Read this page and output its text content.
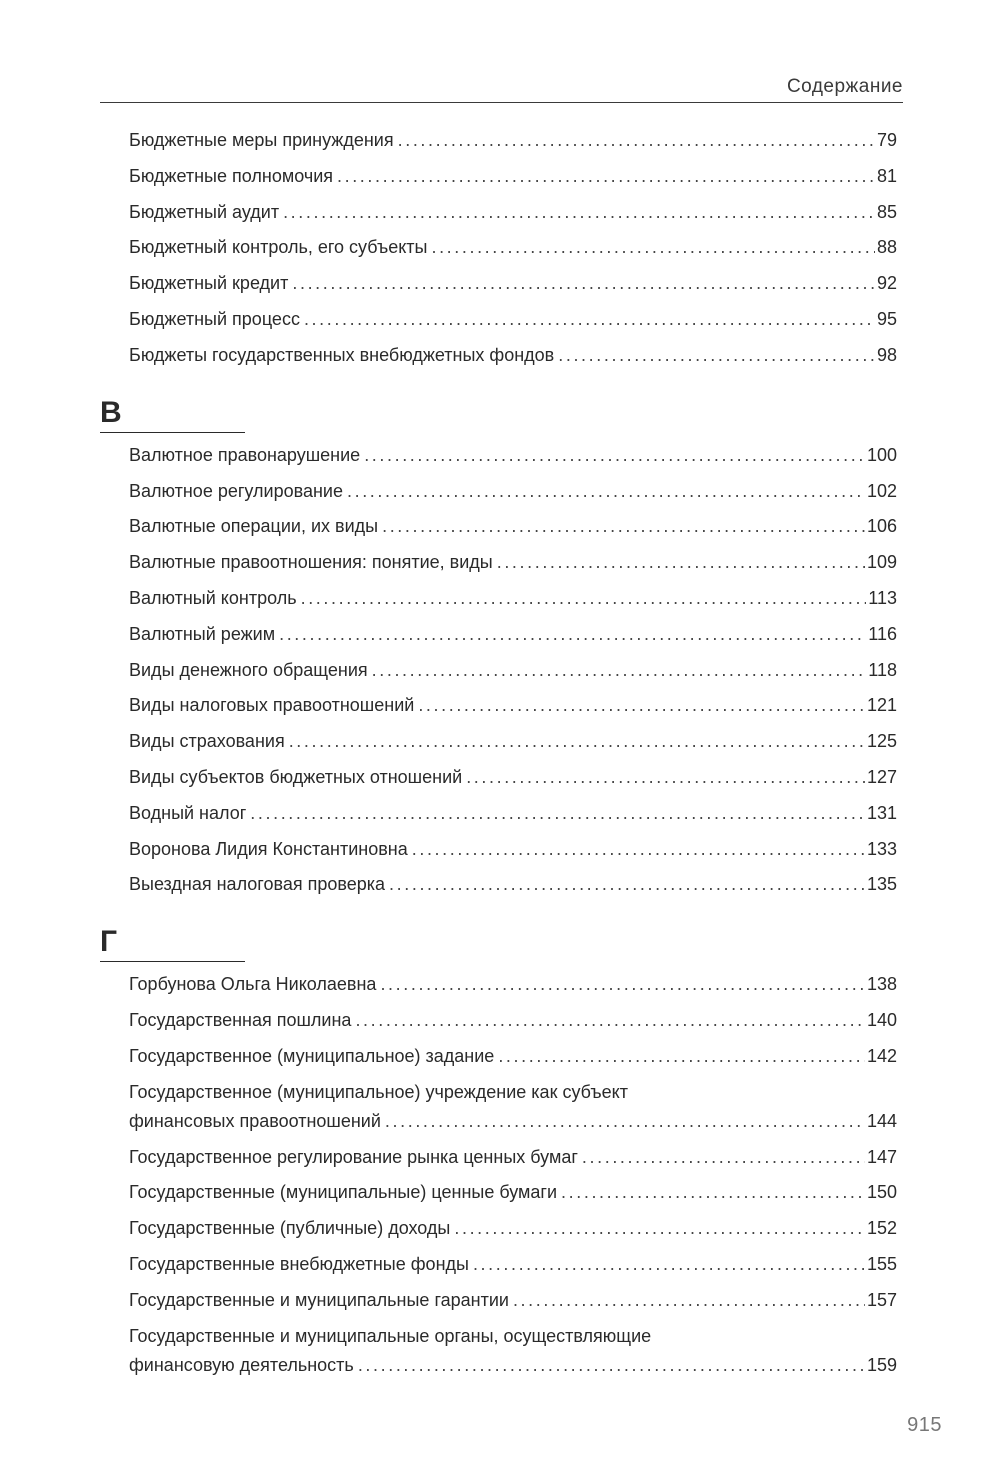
Содержание
Бюджетные меры принуждения . . .	79
Бюджетные полномочия . . .	81
Бюджетный аудит . . .	85
Бюджетный контроль, его субъекты . . .	88
Бюджетный кредит . . .	92
Бюджетный процесс . . .	95
Бюджеты государственных внебюджетных фондов . . .	98
В
Валютное правонарушение . . .	100
Валютное регулирование . . .	102
Валютные операции, их виды . . .	106
Валютные правоотношения: понятие, виды . . .	109
Валютный контроль . . .	113
Валютный режим . . .	116
Виды денежного обращения . . .	118
Виды налоговых правоотношений . . .	121
Виды страхования . . .	125
Виды субъектов бюджетных отношений . . .	127
Водный налог . . .	131
Воронова Лидия Константиновна . . .	133
Выездная налоговая проверка . . .	135
Г
Горбунова Ольга Николаевна . . .	138
Государственная пошлина . . .	140
Государственное (муниципальное) задание . . .	142
Государственное (муниципальное) учреждение как субъект
финансовых правоотношений . . .	144
Государственное регулирование рынка ценных бумаг . . .	147
Государственные (муниципальные) ценные бумаги . . .	150
Государственные (публичные) доходы . . .	152
Государственные внебюджетные фонды . . .	155
Государственные и муниципальные гарантии . . .	157
Государственные и муниципальные органы, осуществляющие
финансовую деятельность . . .	159
915
